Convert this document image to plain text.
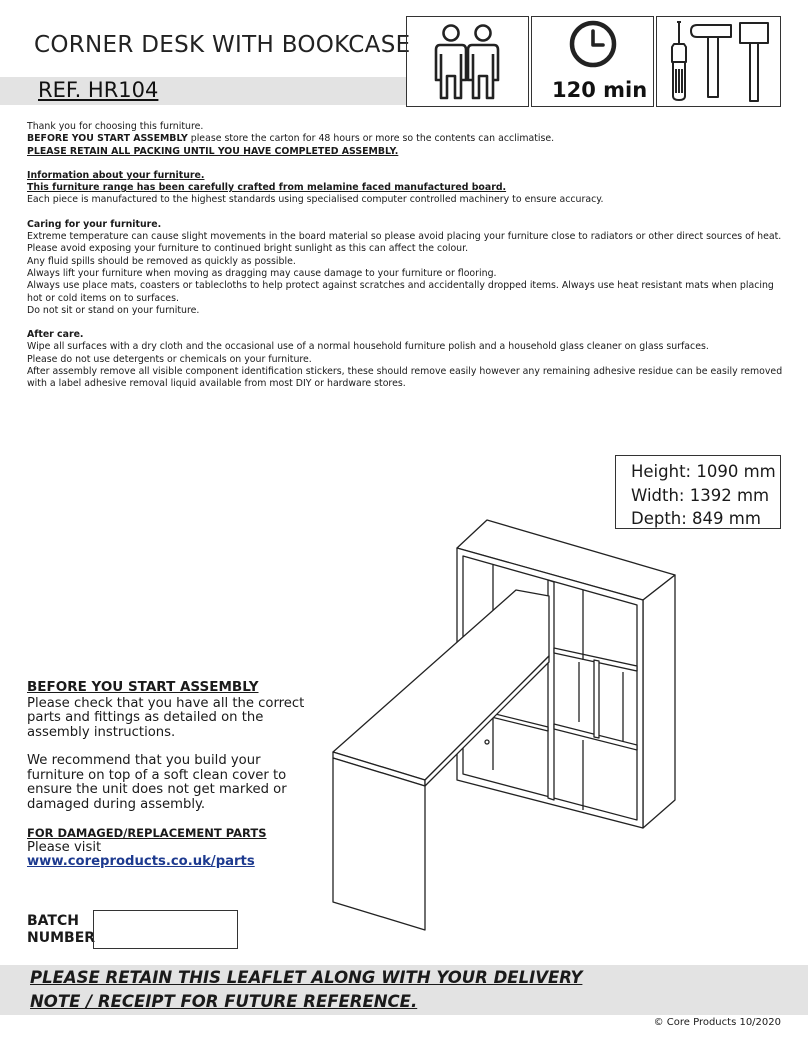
CORNER DESK WITH BOOKCASE
REF. HR104	120 min

Thank you for choosing this furniture.

BEFORE YOU START ASSEMBLY please store the carton for 48 hours or more so the contents can acclimatise.

PLEASE RETAIN ALL PACKING UNTIL YOU HAVE COMPLETED ASSEMBLY.

Information about your furniture.

This furniture range has been carefully crafted from melamine faced manufactured board.

Each piece is manufactured to the highest standards using specialised computer controlled machinery to ensure accuracy.

Caring for your furniture.

Extreme temperature can cause slight movements in the board material so please avoid placing your furniture close to radiators or other direct sources of heat.

Please avoid exposing your furniture to continued bright sunlight as this can affect the colour.

Any fluid spills should be removed as quickly as possible.

Always lift your furniture when moving as dragging may cause damage to your furniture or flooring.

Always use place mats, coasters or tablecloths to help protect against scratches and accidentally dropped items. Always use heat resistant mats when placing hot or cold items on to surfaces.

Do not sit or stand on your furniture.

After care.

Wipe all surfaces with a dry cloth and the occasional use of a normal household furniture polish and a household glass cleaner on glass surfaces.

Please do not use detergents or chemicals on your furniture.

After assembly remove all visible component identification stickers, these should remove easily however any remaining adhesive residue can be easily removed with a label adhesive removal liquid available from most DIY or hardware stores.

Height: 1090 mm
Width: 1392 mm
Depth: 849 mm
BEFORE YOU START ASSEMBLY

Please check that you have all the correct parts and fittings as detailed on the assembly instructions.

We recommend that you build your furniture on top of a soft clean cover to ensure the unit does not get marked or damaged during assembly.

FOR DAMAGED/REPLACEMENT PARTS

Please visit

www.coreproducts.co.uk/parts
BATCH
NUMBER
PLEASE RETAIN THIS LEAFLET ALONG WITH YOUR DELIVERY
NOTE / RECEIPT FOR FUTURE REFERENCE.
© Core Products 10/2020
